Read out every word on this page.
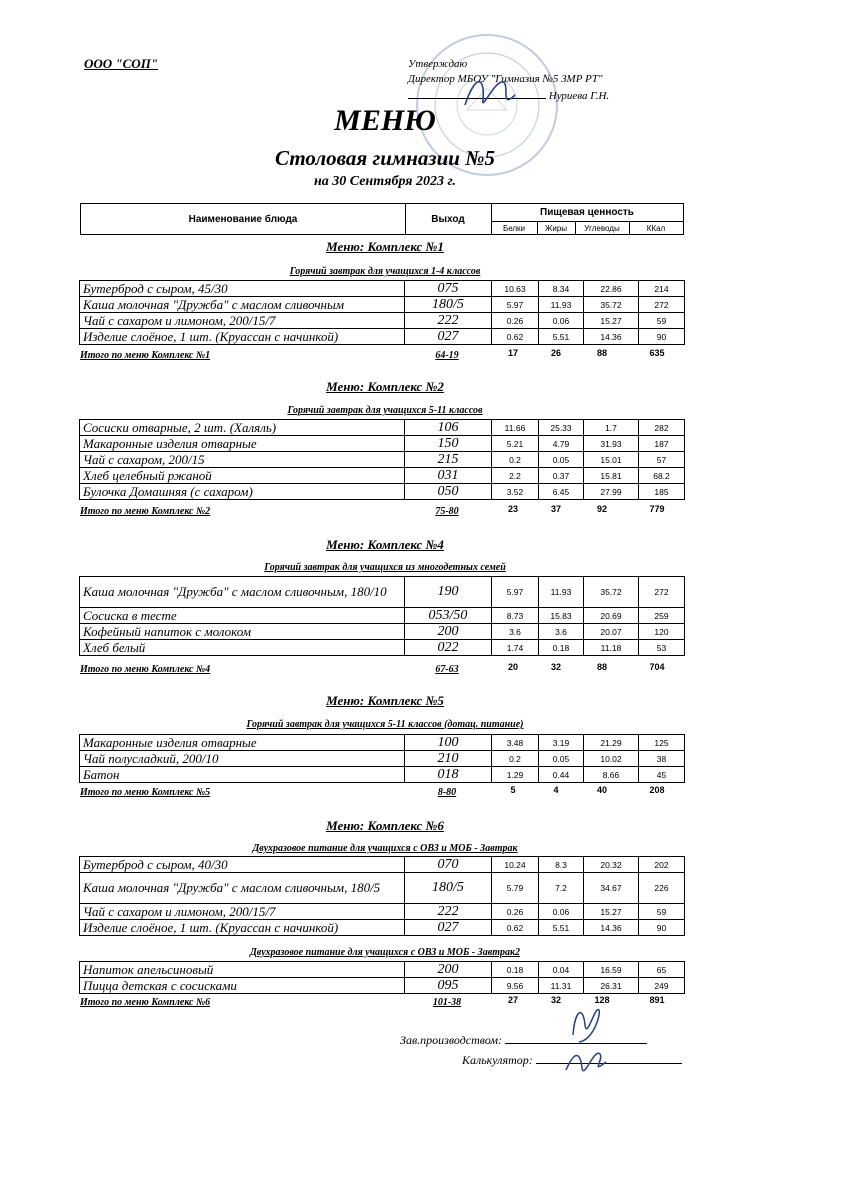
ООО "СОП"	Утверждаю
Директор МБОУ "Гимназия №5 ЗМР РТ"
Нуриева Г.Н.
МЕНЮ
Столовая гимназии №5
на 30 Сентября 2023 г.
Наименование блюда	Выход
Пищевая ценность
Белки	Жиры	Углеводы	ККал
Меню: Комплекс №1
Горячий завтрак для учащихся 1-4 классов
Бутерброд с сыром, 45/30	075	10.63	8.34	22.86	214
Каша молочная "Дружба" с маслом сливочным	180/5	5.97	11.93	35.72	272
Чай с сахаром и лимоном, 200/15/7	222	0.26	0.06	15.27	59
Изделие слоёное, 1 шт. (Круассан с начинкой)	027	0.62	5.51	14.36	90
Итого по меню Комплекс №1	64-19	17	26	88	635
Меню: Комплекс №2
Горячий завтрак для учащихся 5-11 классов
Сосиски отварные, 2 шт. (Халяль)	106	11.66	25.33	1.7	282
Макаронные изделия отварные	150	5.21	4.79	31.93	187
Чай с сахаром, 200/15	215	0.2	0.05	15.01	57
Хлеб целебный ржаной	031	2.2	0.37	15.81	68.2
Булочка Домашняя (с сахаром)	050	3.52	6.45	27.99	185
Итого по меню Комплекс №2	75-80	23	37	92	779
Меню: Комплекс №4
Горячий завтрак для учащихся из многодетных семей
Каша молочная "Дружба" с маслом сливочным, 180/10	190	5.97	11.93	35.72	272
Сосиска в тесте	053/50	8.73	15.83	20.69	259
Кофейный напиток с молоком	200	3.6	3.6	20.07	120
Хлеб белый	022	1.74	0.18	11.18	53
Итого по меню Комплекс №4	67-63	20	32	88	704
Меню: Комплекс №5
Горячий завтрак для учащихся 5-11 классов (дотац. питание)
Макаронные изделия отварные	100	3.48	3.19	21.29	125
Чай полусладкий, 200/10	210	0.2	0.05	10.02	38
Батон	018	1.29	0.44	8.66	45
Итого по меню Комплекс №5	8-80	5	4	40	208
Меню: Комплекс №6
Двухразовое питание для учащихся с ОВЗ и МОБ - Завтрак
Бутерброд с сыром, 40/30	070	10.24	8.3	20.32	202
Каша молочная "Дружба" с маслом сливочным, 180/5	180/5	5.79	7.2	34.67	226
Чай с сахаром и лимоном, 200/15/7	222	0.26	0.06	15.27	59
Изделие слоёное, 1 шт. (Круассан с начинкой)	027	0.62	5.51	14.36	90
Двухразовое питание для учащихся с ОВЗ и МОБ - Завтрак2
Напиток апельсиновый	200	0.18	0.04	16.59	65
Пицца детская с сосисками	095	9.56	11.31	26.31	249
Итого по меню Комплекс №6	101-38	27	32	128	891
Зав.производством:
Калькулятор:
